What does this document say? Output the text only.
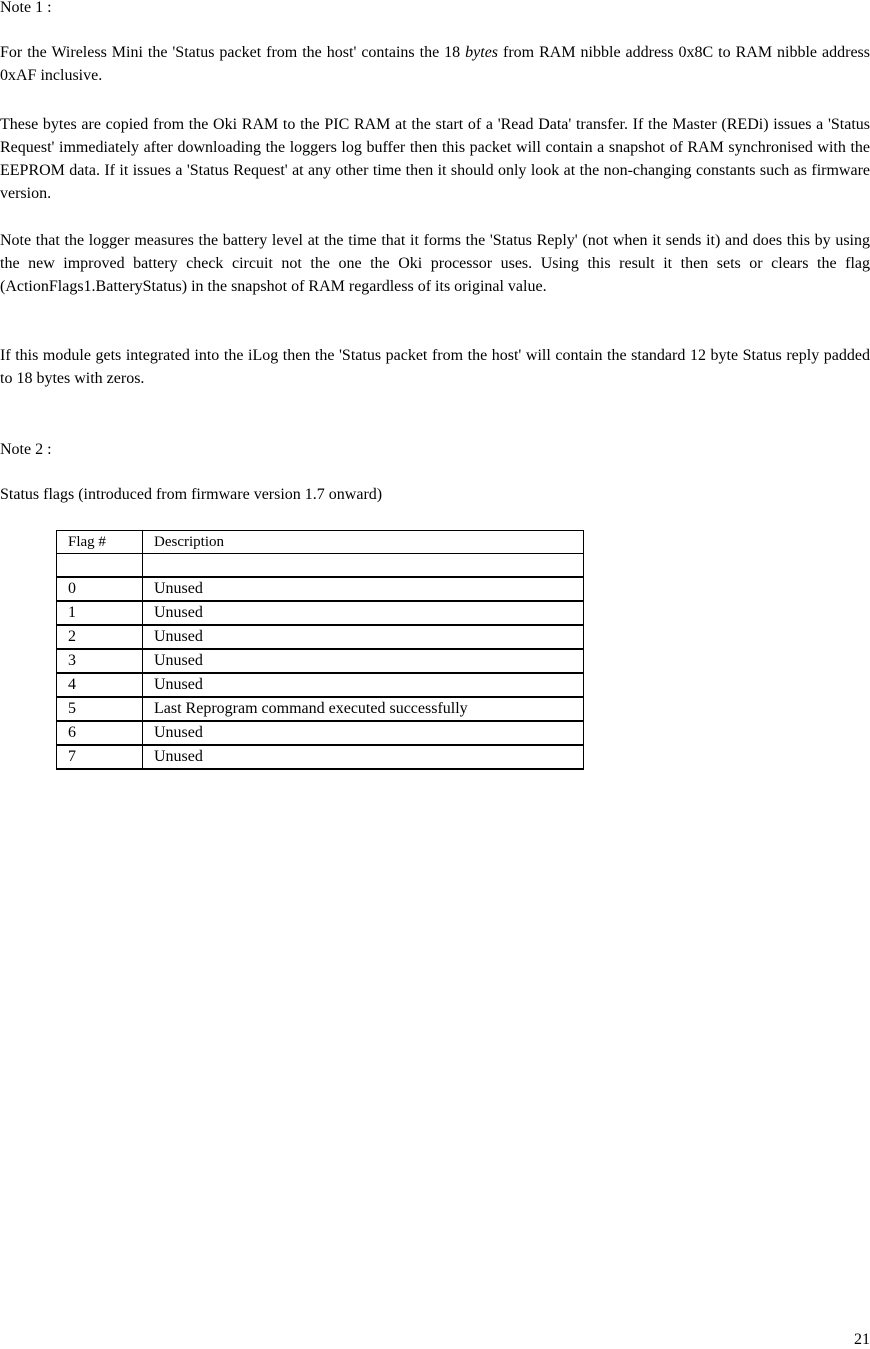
Note 1 :
For the Wireless Mini the 'Status packet from the host' contains the 18 bytes from RAM nibble address 0x8C to RAM nibble address 0xAF inclusive.
These bytes are copied from the Oki RAM to the PIC RAM at the start of a 'Read Data' transfer. If the Master (REDi) issues a 'Status Request' immediately after downloading the loggers log buffer then this packet will contain a snapshot of RAM synchronised with the EEPROM data. If it issues a 'Status Request' at any other time then it should only look at the non-changing constants such as firmware version.
Note that the logger measures the battery level at the time that it forms the 'Status Reply' (not when it sends it) and does this by using the new improved battery check circuit not the one the Oki processor uses. Using this result it then sets or clears the flag (ActionFlags1.BatteryStatus) in the snapshot of RAM regardless of its original value.
If this module gets integrated into the iLog then the 'Status packet from the host' will contain the standard 12 byte Status reply padded to 18 bytes with zeros.
Note 2 :
Status flags (introduced from firmware version 1.7 onward)
Flag #	Description

0	Unused
1	Unused
2	Unused
3	Unused
4	Unused
5	Last Reprogram command executed successfully
6	Unused
7	Unused
21
